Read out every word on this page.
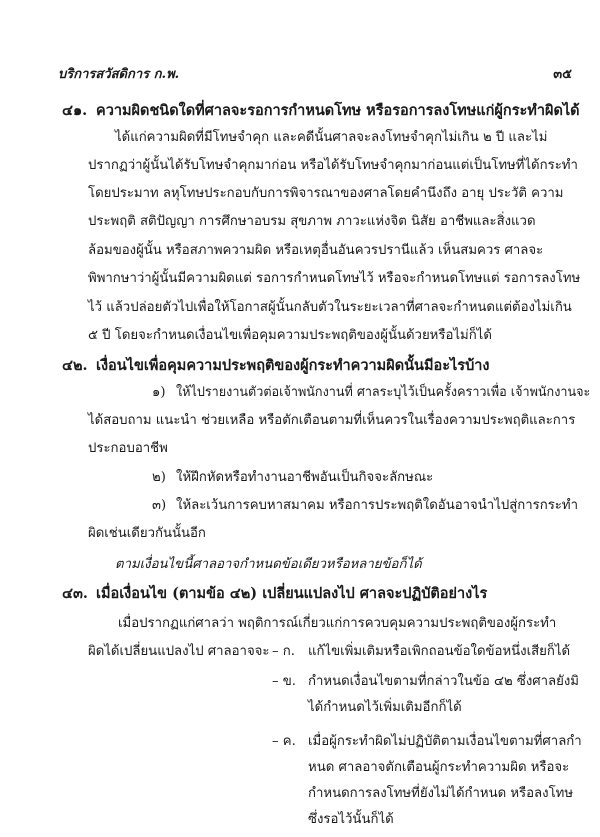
บริการสวัสดิการ ก.พ.	๓๕
๔๑. ความผิดชนิดใดที่ศาลจะรอการกำหนดโทษ หรือรอการลงโทษแก่ผู้กระทำผิดได้
ได้แก่ความผิดที่มีโทษจำคุก และคดีนั้นศาลจะลงโทษจำคุกไม่เกิน ๒ ปี และไม่
ปรากฏว่าผู้นั้นได้รับโทษจำคุกมาก่อน หรือได้รับโทษจำคุกมาก่อนแต่เป็นโทษที่ได้กระทำ
โดยประมาท ลหุโทษประกอบกับการพิจารณาของศาลโดยคำนึงถึง อายุ ประวัติ ความ
ประพฤติ สติปัญญา การศึกษาอบรม สุขภาพ ภาวะแห่งจิต นิสัย อาชีพและสิ่งแวด
ล้อมของผู้นั้น หรือสภาพความผิด หรือเหตุอื่นอันควรปรานีแล้ว เห็นสมควร ศาลจะ
พิพากษาว่าผู้นั้นมีความผิดแต่ รอการกำหนดโทษไว้ หรือจะกำหนดโทษแต่ รอการลงโทษ
ไว้ แล้วปล่อยตัวไปเพื่อให้โอกาสผู้นั้นกลับตัวในระยะเวลาที่ศาลจะกำหนดแต่ต้องไม่เกิน
๕ ปี โดยจะกำหนดเงื่อนไขเพื่อคุมความประพฤติของผู้นั้นด้วยหรือไม่ก็ได้
๔๒. เงื่อนไขเพื่อคุมความประพฤติของผู้กระทำความผิดนั้นมีอะไรบ้าง
๑) ให้ไปรายงานตัวต่อเจ้าพนักงานที่ ศาลระบุไว้เป็นครั้งคราวเพื่อ เจ้าพนักงานจะ
ได้สอบถาม แนะนำ ช่วยเหลือ หรือตักเตือนตามที่เห็นควรในเรื่องความประพฤติและการ
ประกอบอาชีพ
๒) ให้ฝึกหัดหรือทำงานอาชีพอันเป็นกิจจะลักษณะ
๓) ให้ละเว้นการคบหาสมาคม หรือการประพฤติใดอันอาจนำไปสู่การกระทำ
ผิดเช่นเดียวกันนั้นอีก
ตามเงื่อนไขนี้ศาลอาจกำหนดข้อเดียวหรือหลายข้อก็ได้
๔๓. เมื่อเงื่อนไข (ตามข้อ ๔๒) เปลี่ยนแปลงไป ศาลจะปฏิบัติอย่างไร
เมื่อปรากฏแก่ศาลว่า พฤติการณ์เกี่ยวแก่การควบคุมความประพฤติของผู้กระทำ
ผิดได้เปลี่ยนแปลงไป ศาลอาจจะ – ก. แก้ไขเพิ่มเติมหรือเพิกถอนข้อใดข้อหนึ่งเสียก็ได้
– ข. กำหนดเงื่อนไขตามที่กล่าวในข้อ ๔๒ ซึ่งศาลยังมิ
ได้กำหนดไว้เพิ่มเติมอีกก็ได้
– ค. เมื่อผู้กระทำผิดไม่ปฏิบัติตามเงื่อนไขตามที่ศาลกำ
หนด ศาลอาจตักเตือนผู้กระทำความผิด หรือจะ
กำหนดการลงโทษที่ยังไม่ได้กำหนด หรือลงโทษ
ซึ่งรอไว้นั้นก็ได้
